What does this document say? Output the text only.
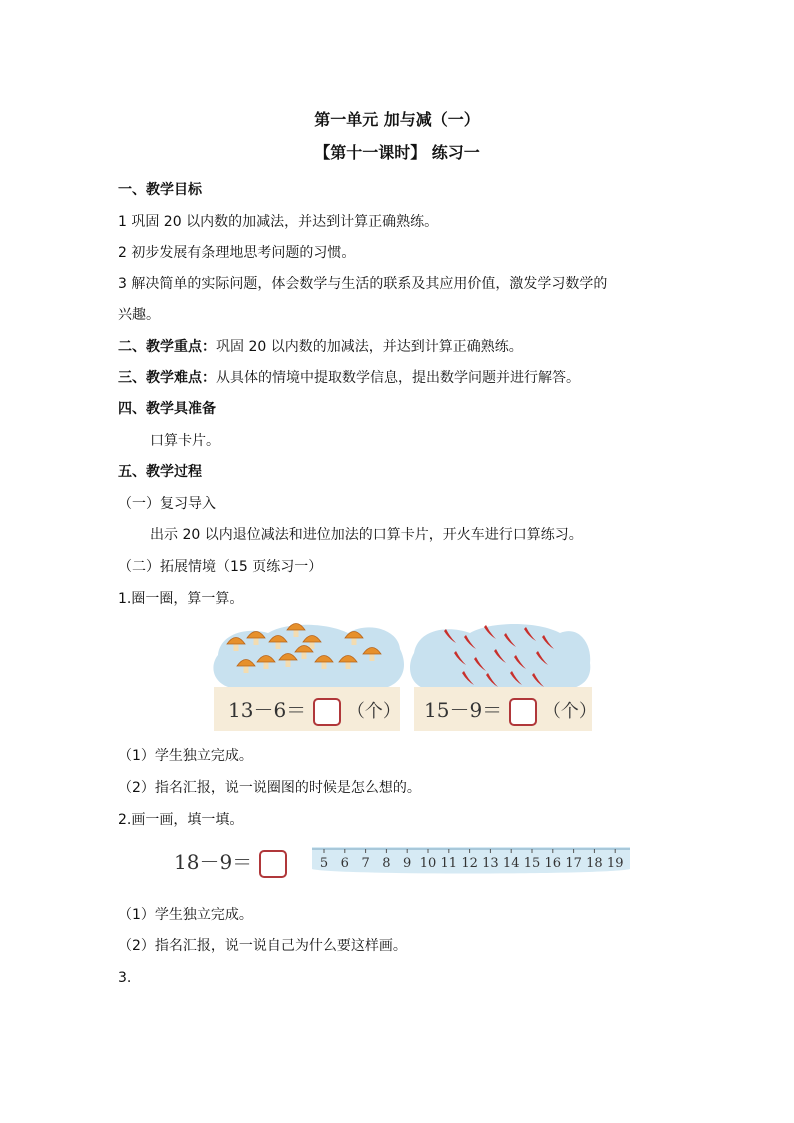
第一单元 加与减（一）
【第十一课时】 练习一
一、教学目标
1 巩固 20 以内数的加减法，并达到计算正确熟练。
2 初步发展有条理地思考问题的习惯。
3 解决简单的实际问题，体会数学与生活的联系及其应用价值，激发学习数学的
兴趣。
二、教学重点：巩固 20 以内数的加减法，并达到计算正确熟练。
三、教学难点：从具体的情境中提取数学信息，提出数学问题并进行解答。
四、教学具准备
口算卡片。
五、教学过程
（一）复习导入
出示 20 以内退位减法和进位加法的口算卡片，开火车进行口算练习。
（二）拓展情境（15 页练习一）
1.圈一圈，算一算。
13－6＝ （个） 15－9＝ （个）
（1）学生独立完成。
（2）指名汇报，说一说圈图的时候是怎么想的。
2.画一画，填一填。
18－9＝	5 6 7 8 9 10 11 12 13 14 15 16 17 18 19
（1）学生独立完成。
（2）指名汇报，说一说自己为什么要这样画。
3.
